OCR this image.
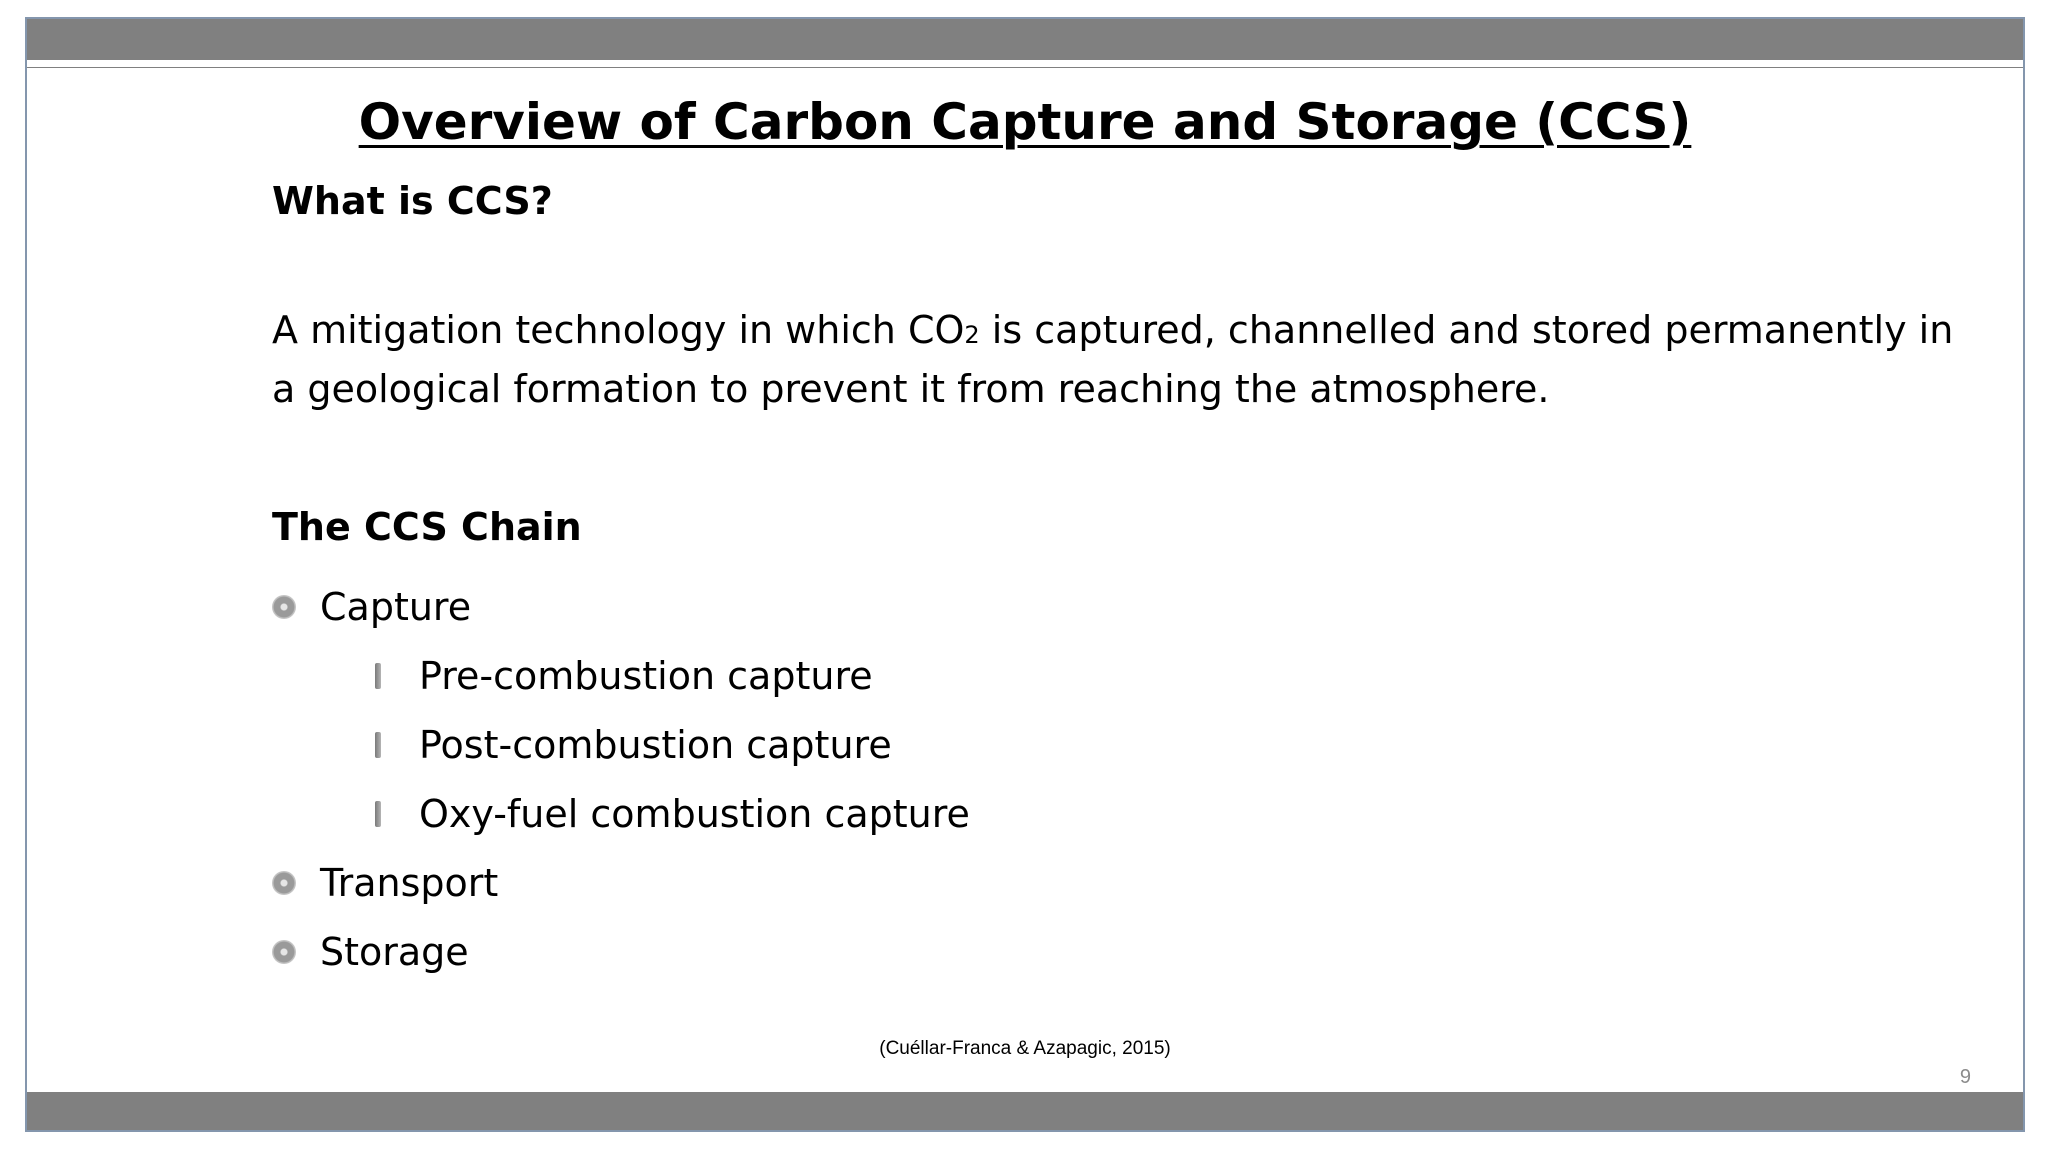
Overview of Carbon Capture and Storage (CCS)
What is CCS?

A mitigation technology in which CO2 is captured, channelled and stored permanently in a geological formation to prevent it from reaching the atmosphere.

The CCS Chain
Capture
Pre-combustion capture
Post-combustion capture
Oxy-fuel combustion capture
Transport
Storage

(Cuéllar-Franca & Azapagic, 2015)

9
